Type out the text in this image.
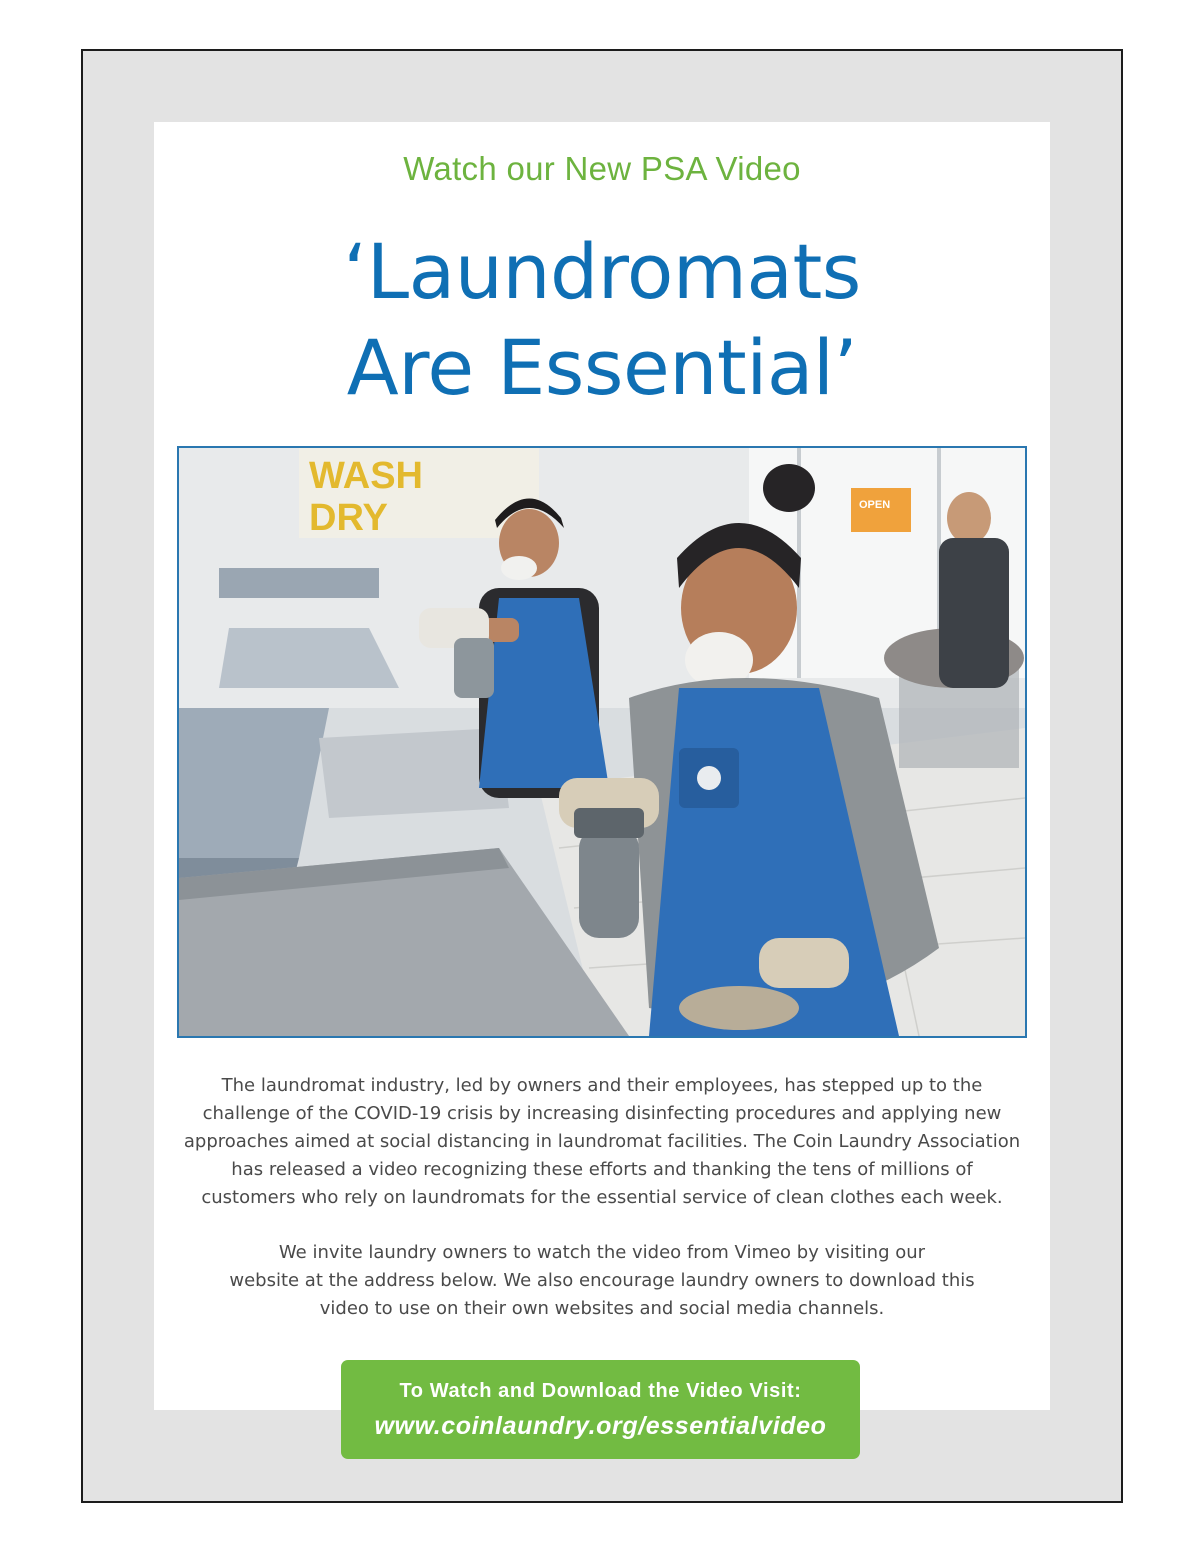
Watch our New PSA Video
‘Laundromats
Are Essential’
WASH
DRY	OPEN
The laundromat industry, led by owners and their employees, has stepped up to the
challenge of the COVID-19 crisis by increasing disinfecting procedures and applying new
approaches aimed at social distancing in laundromat facilities. The Coin Laundry Association
has released a video recognizing these efforts and thanking the tens of millions of
customers who rely on laundromats for the essential service of clean clothes each week.
We invite laundry owners to watch the video from Vimeo by visiting our
website at the address below. We also encourage laundry owners to download this
video to use on their own websites and social media channels.
To Watch and Download the Video Visit:
www.coinlaundry.org/essentialvideo
